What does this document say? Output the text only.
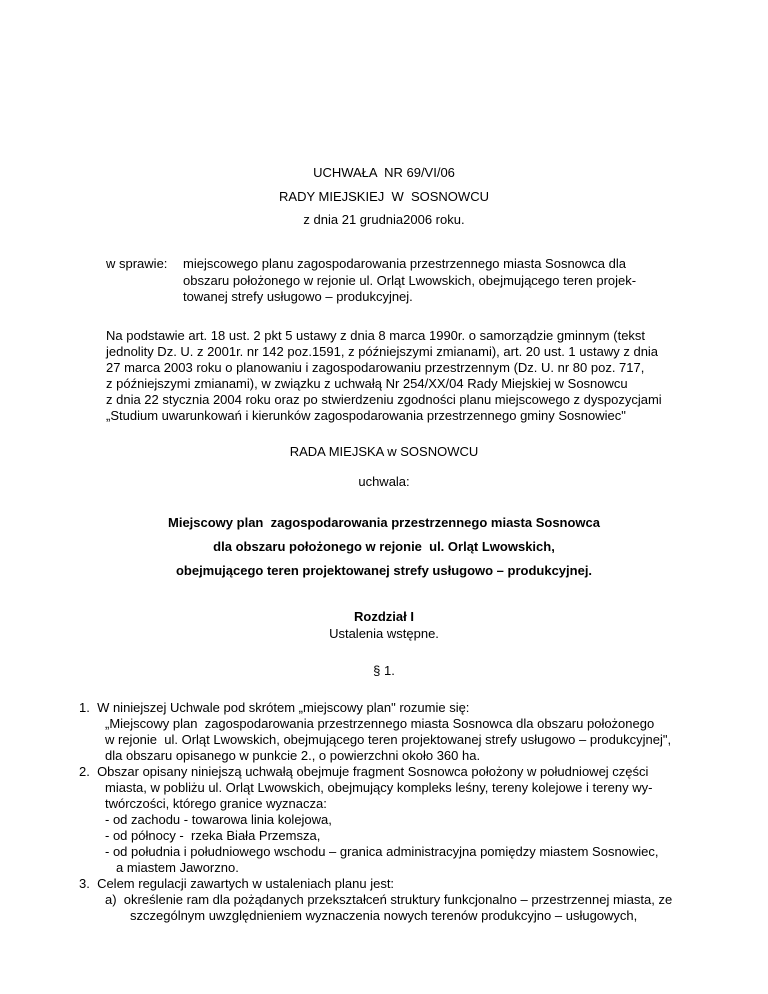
UCHWAŁA  NR 69/VI/06
RADY MIEJSKIEJ  W  SOSNOWCU
z dnia 21 grudnia2006 roku.
w sprawie: miejscowego planu zagospodarowania przestrzennego miasta Sosnowca dla
obszaru położonego w rejonie ul. Orląt Lwowskich, obejmującego teren projek-
towanej strefy usługowo – produkcyjnej.
Na podstawie art. 18 ust. 2 pkt 5 ustawy z dnia 8 marca 1990r. o samorządzie gminnym (tekst
jednolity Dz. U. z 2001r. nr 142 poz.1591, z późniejszymi zmianami), art. 20 ust. 1 ustawy z dnia
27 marca 2003 roku o planowaniu i zagospodarowaniu przestrzennym (Dz. U. nr 80 poz. 717,
z późniejszymi zmianami), w związku z uchwałą Nr 254/XX/04 Rady Miejskiej w Sosnowcu
z dnia 22 stycznia 2004 roku oraz po stwierdzeniu zgodności planu miejscowego z dyspozycjami
„Studium uwarunkowań i kierunków zagospodarowania przestrzennego gminy Sosnowiec"
RADA MIEJSKA w SOSNOWCU
uchwala:
Miejscowy plan  zagospodarowania przestrzennego miasta Sosnowca
dla obszaru położonego w rejonie  ul. Orląt Lwowskich,
obejmującego teren projektowanej strefy usługowo – produkcyjnej.
Rozdział I
Ustalenia wstępne.
§ 1.
1.  W niniejszej Uchwale pod skrótem „miejscowy plan" rozumie się:
„Miejscowy plan  zagospodarowania przestrzennego miasta Sosnowca dla obszaru położonego
w rejonie  ul. Orląt Lwowskich, obejmującego teren projektowanej strefy usługowo – produkcyjnej",
dla obszaru opisanego w punkcie 2., o powierzchni około 360 ha.
2.  Obszar opisany niniejszą uchwałą obejmuje fragment Sosnowca położony w południowej części
miasta, w pobliżu ul. Orląt Lwowskich, obejmujący kompleks leśny, tereny kolejowe i tereny wy-
twórczości, którego granice wyznacza:
- od zachodu - towarowa linia kolejowa,
- od północy -  rzeka Biała Przemsza,
- od południa i południowego wschodu – granica administracyjna pomiędzy miastem Sosnowiec,
a miastem Jaworzno.
3.  Celem regulacji zawartych w ustaleniach planu jest:
a)  określenie ram dla pożądanych przekształceń struktury funkcjonalno – przestrzennej miasta, ze
szczególnym uwzględnieniem wyznaczenia nowych terenów produkcyjno – usługowych,
